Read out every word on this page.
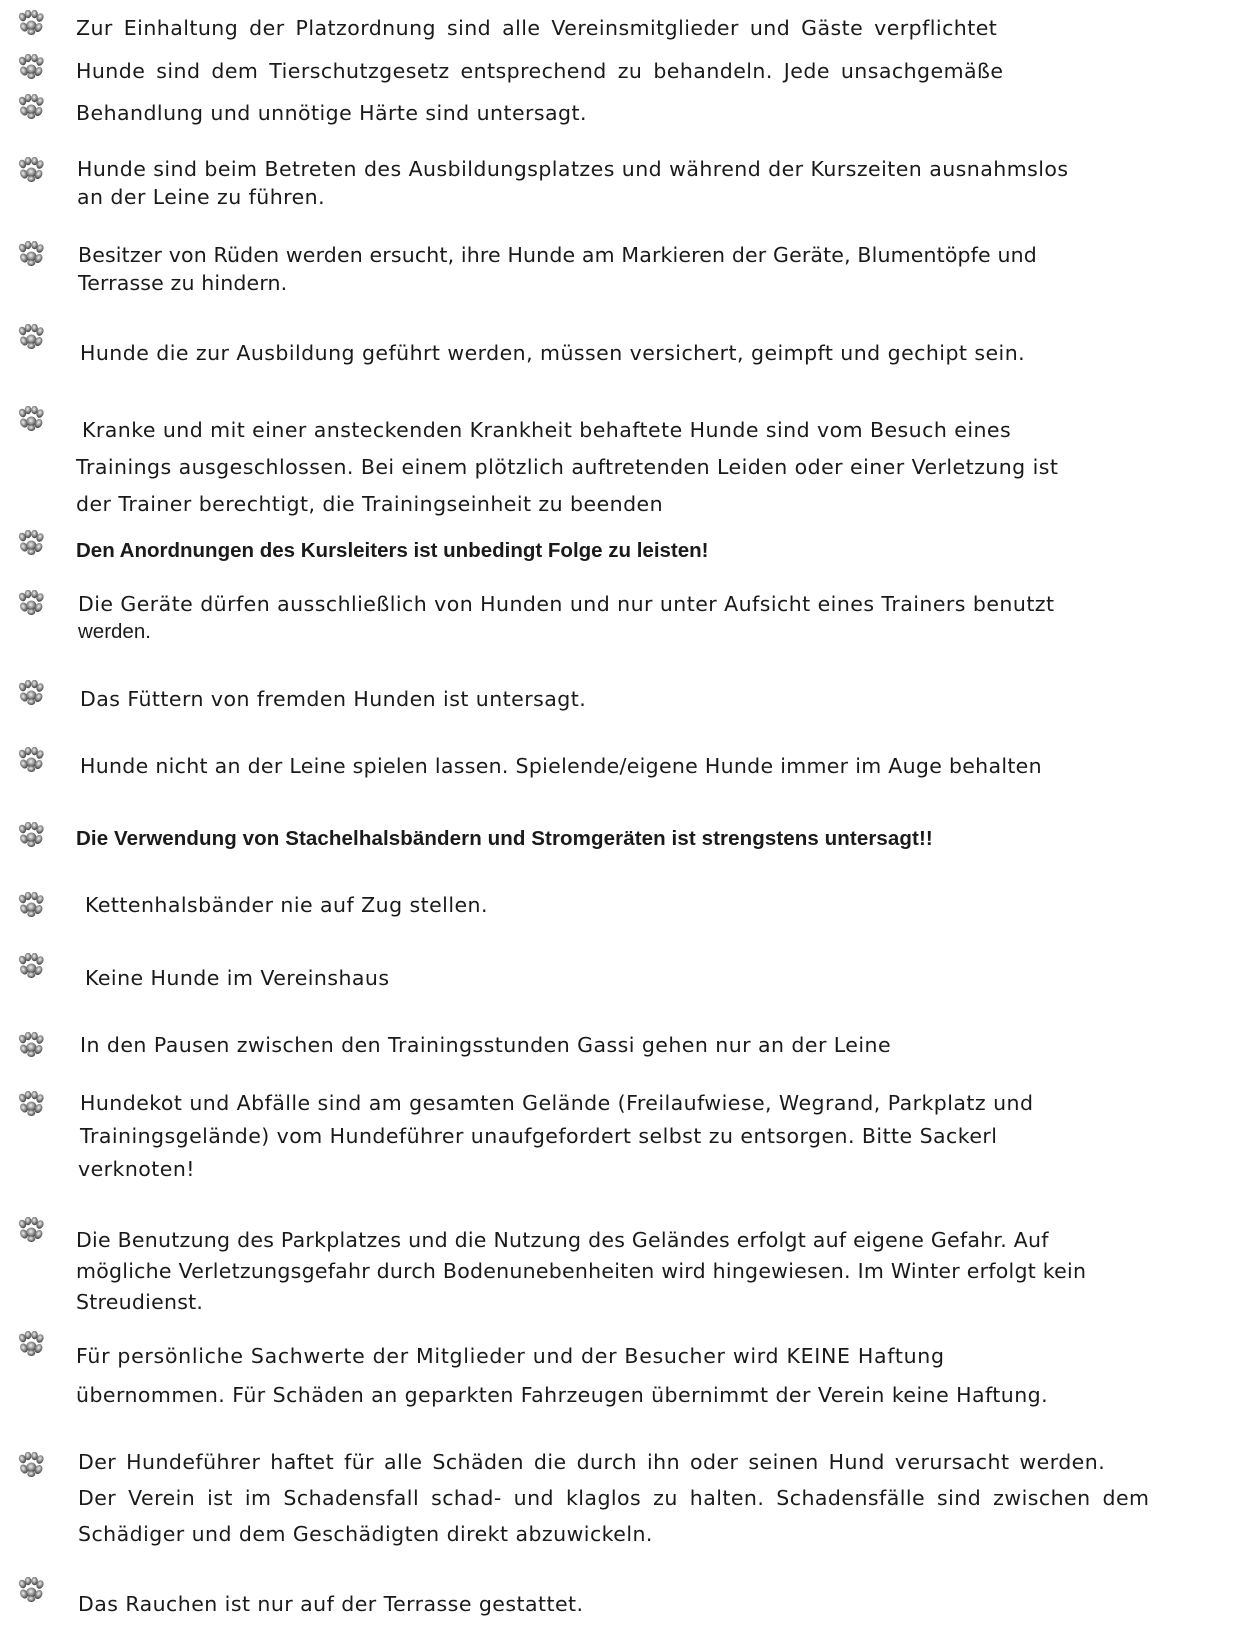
Zur Einhaltung der Platzordnung sind alle Vereinsmitglieder und Gäste verpflichtet
Hunde sind dem Tierschutzgesetz entsprechend zu behandeln. Jede unsachgemäße
Behandlung und unnötige Härte sind untersagt.
Hunde sind beim Betreten des Ausbildungsplatzes und während der Kurszeiten ausnahmslos
an der Leine zu führen.
Besitzer von Rüden werden ersucht, ihre Hunde am Markieren der Geräte, Blumentöpfe und
Terrasse zu hindern.
Hunde die zur Ausbildung geführt werden, müssen versichert, geimpft und gechipt sein.
Kranke und mit einer ansteckenden Krankheit behaftete Hunde sind vom Besuch eines
Trainings ausgeschlossen. Bei einem plötzlich auftretenden Leiden oder einer Verletzung ist
der Trainer berechtigt, die Trainingseinheit zu beenden
Den Anordnungen des Kursleiters ist unbedingt Folge zu leisten!
Die Geräte dürfen ausschließlich von Hunden und nur unter Aufsicht eines Trainers benutzt
werden.
Das Füttern von fremden Hunden ist untersagt.
Hunde nicht an der Leine spielen lassen. Spielende/eigene Hunde immer im Auge behalten
Die Verwendung von Stachelhalsbändern und Stromgeräten ist strengstens untersagt!!
Kettenhalsbänder nie auf Zug stellen.
Keine Hunde im Vereinshaus
In den Pausen zwischen den Trainingsstunden Gassi gehen nur an der Leine
Hundekot und Abfälle sind am gesamten Gelände (Freilaufwiese, Wegrand, Parkplatz und
Trainingsgelände) vom Hundeführer unaufgefordert selbst zu entsorgen. Bitte Sackerl
verknoten!
Die Benutzung des Parkplatzes und die Nutzung des Geländes erfolgt auf eigene Gefahr. Auf
mögliche Verletzungsgefahr durch Bodenunebenheiten wird hingewiesen. Im Winter erfolgt kein
Streudienst.
Für persönliche Sachwerte der Mitglieder und der Besucher wird KEINE Haftung
übernommen. Für Schäden an geparkten Fahrzeugen übernimmt der Verein keine Haftung.
Der Hundeführer haftet für alle Schäden die durch ihn oder seinen Hund verursacht werden.
Der Verein ist im Schadensfall schad- und klaglos zu halten. Schadensfälle sind zwischen dem
Schädiger und dem Geschädigten direkt abzuwickeln.
Das Rauchen ist nur auf der Terrasse gestattet.
